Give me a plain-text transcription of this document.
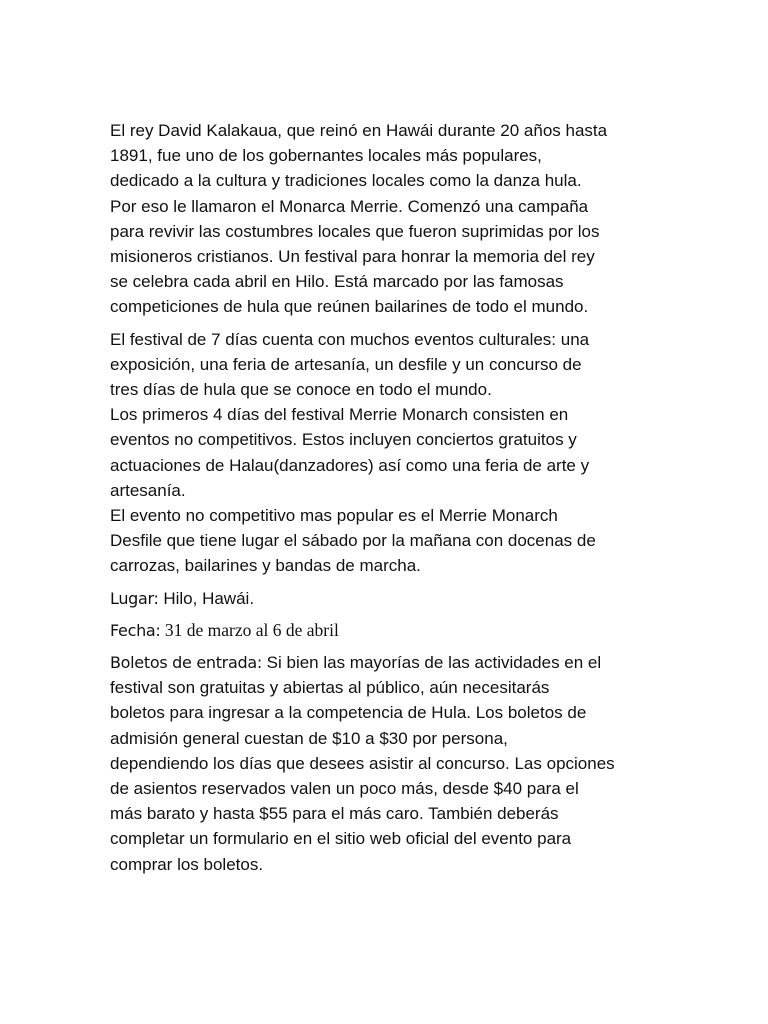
El rey David Kalakaua, que reinó en Hawái durante 20 años hasta
1891, fue uno de los gobernantes locales más populares,
dedicado a la cultura y tradiciones locales como la danza hula.
Por eso le llamaron el Monarca Merrie. Comenzó una campaña
para revivir las costumbres locales que fueron suprimidas por los
misioneros cristianos. Un festival para honrar la memoria del rey
se celebra cada abril en Hilo. Está marcado por las famosas
competiciones de hula que reúnen bailarines de todo el mundo.

El festival de 7 días cuenta con muchos eventos culturales: una
exposición, una feria de artesanía, un desfile y un concurso de
tres días de hula que se conoce en todo el mundo.
Los primeros 4 días del festival Merrie Monarch consisten en
eventos no competitivos. Estos incluyen conciertos gratuitos y
actuaciones de Halau(danzadores) así como una feria de arte y
artesanía.
El evento no competitivo mas popular es el Merrie Monarch
Desfile que tiene lugar el sábado por la mañana con docenas de
carrozas, bailarines y bandas de marcha.

Lugar: Hilo, Hawái.

Fecha: 31 de marzo al 6 de abril

Boletos de entrada: Si bien las mayorías de las actividades en el
festival son gratuitas y abiertas al público, aún necesitarás
boletos para ingresar a la competencia de Hula. Los boletos de
admisión general cuestan de $10 a $30 por persona,
dependiendo los días que desees asistir al concurso. Las opciones
de asientos reservados valen un poco más, desde $40 para el
más barato y hasta $55 para el más caro. También deberás
completar un formulario en el sitio web oficial del evento para
comprar los boletos.
